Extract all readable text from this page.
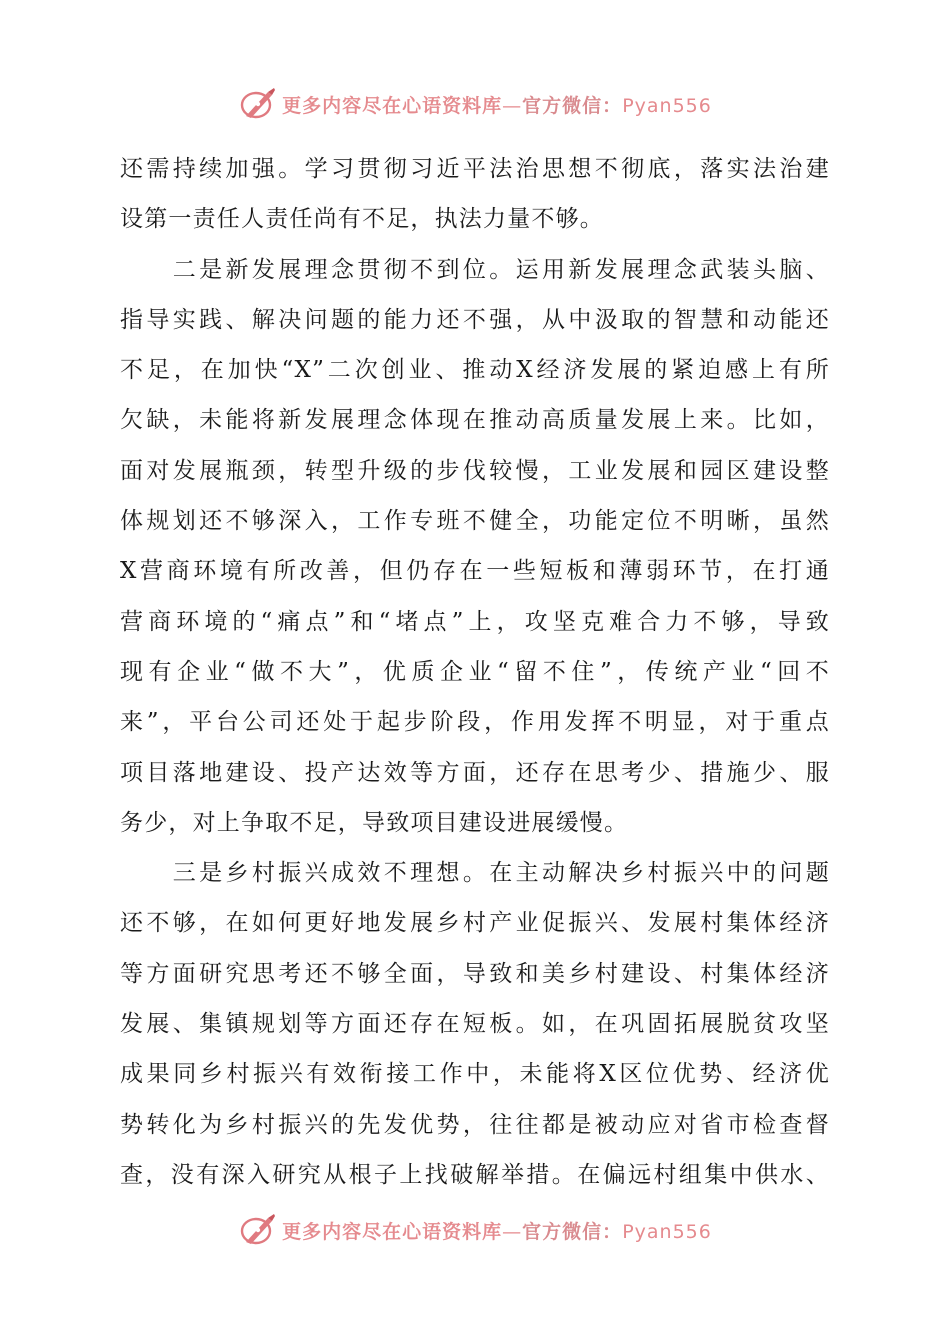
更多内容尽在心语资料库—官方微信：Pyan556
还需持续加强。学习贯彻习近平法治思想不彻底，落实法治建
设第一责任人责任尚有不足，执法力量不够。
　　二是新发展理念贯彻不到位。运用新发展理念武装头脑、
指导实践、解决问题的能力还不强，从中汲取的智慧和动能还
不足，在加快“X”二次创业、推动X经济发展的紧迫感上有所
欠缺，未能将新发展理念体现在推动高质量发展上来。比如，
面对发展瓶颈，转型升级的步伐较慢，工业发展和园区建设整
体规划还不够深入，工作专班不健全，功能定位不明晰，虽然
X营商环境有所改善，但仍存在一些短板和薄弱环节，在打通
营商环境的“痛点”和“堵点”上，攻坚克难合力不够，导致
现有企业“做不大”，优质企业“留不住”，传统产业“回不
来”，平台公司还处于起步阶段，作用发挥不明显，对于重点
项目落地建设、投产达效等方面，还存在思考少、措施少、服
务少，对上争取不足，导致项目建设进展缓慢。
　　三是乡村振兴成效不理想。在主动解决乡村振兴中的问题
还不够，在如何更好地发展乡村产业促振兴、发展村集体经济
等方面研究思考还不够全面，导致和美乡村建设、村集体经济
发展、集镇规划等方面还存在短板。如，在巩固拓展脱贫攻坚
成果同乡村振兴有效衔接工作中，未能将X区位优势、经济优
势转化为乡村振兴的先发优势，往往都是被动应对省市检查督
查，没有深入研究从根子上找破解举措。在偏远村组集中供水、
更多内容尽在心语资料库—官方微信：Pyan556
